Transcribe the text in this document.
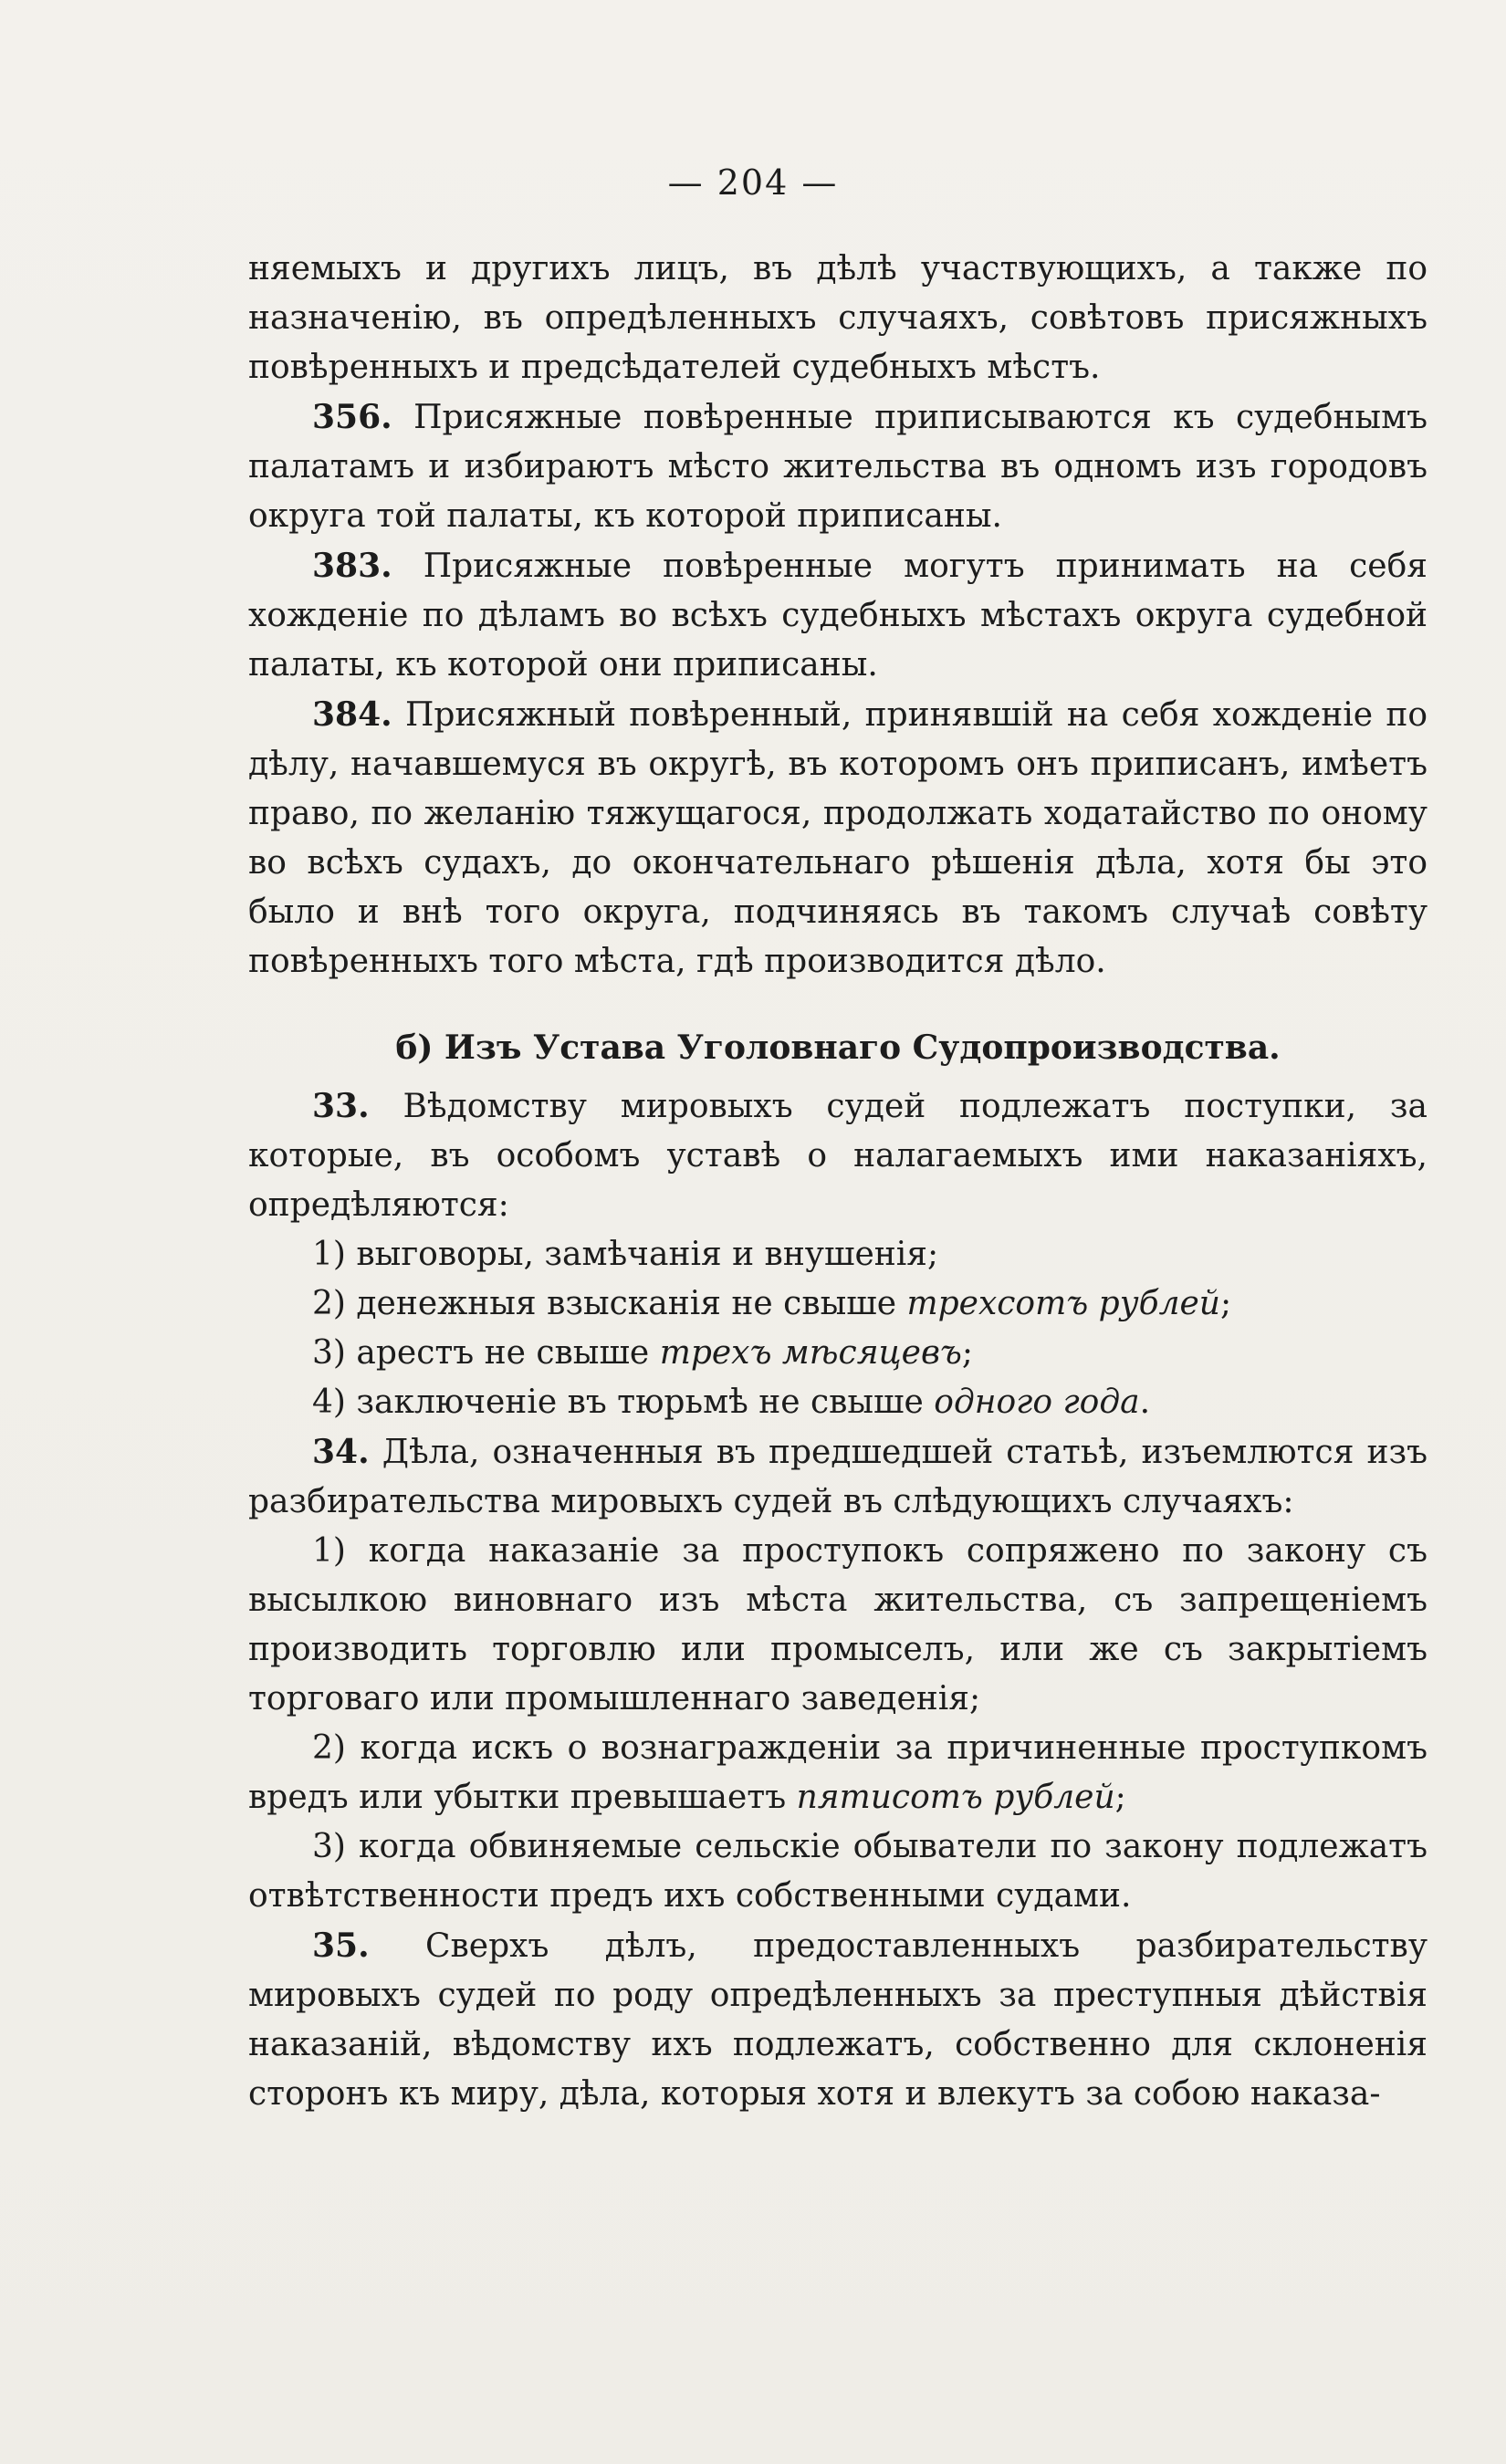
— 204 —

няемыхъ и другихъ лицъ, въ дѣлѣ участвующихъ, а также по назначенію, въ опредѣленныхъ случаяхъ, совѣтовъ присяжныхъ повѣренныхъ и предсѣдателей судебныхъ мѣстъ.

356. Присяжные повѣренные приписываются къ судебнымъ палатамъ и избираютъ мѣсто жительства въ одномъ изъ городовъ округа той палаты, къ которой приписаны.

383. Присяжные повѣренные могутъ принимать на себя хожденіе по дѣламъ во всѣхъ судебныхъ мѣстахъ округа судебной палаты, къ которой они приписаны.

384. Присяжный повѣренный, принявшій на себя хожденіе по дѣлу, начавшемуся въ округѣ, въ которомъ онъ приписанъ, имѣетъ право, по желанію тяжущагося, продолжать ходатайство по оному во всѣхъ судахъ, до окончательнаго рѣшенія дѣла, хотя бы это было и внѣ того округа, подчиняясь въ такомъ случаѣ совѣту повѣренныхъ того мѣста, гдѣ производится дѣло.

б) Изъ Устава Уголовнаго Судопроизводства.

33. Вѣдомству мировыхъ судей подлежатъ поступки, за которые, въ особомъ уставѣ о налагаемыхъ ими наказаніяхъ, опредѣляются:

1) выговоры, замѣчанія и внушенія;

2) денежныя взысканія не свыше трехсотъ рублей;

3) арестъ не свыше трехъ мѣсяцевъ;

4) заключеніе въ тюрьмѣ не свыше одного года.

34. Дѣла, означенныя въ предшедшей статьѣ, изъемлются изъ разбирательства мировыхъ судей въ слѣдующихъ случаяхъ:

1) когда наказаніе за проступокъ сопряжено по закону съ высылкою виновнаго изъ мѣста жительства, съ запрещеніемъ производить торговлю или промыселъ, или же съ закрытіемъ торговаго или промышленнаго заведенія;

2) когда искъ о вознагражденіи за причиненные проступкомъ вредъ или убытки превышаетъ пятисотъ рублей;

3) когда обвиняемые сельскіе обыватели по закону подлежатъ отвѣтственности предъ ихъ собственными судами.

35. Сверхъ дѣлъ, предоставленныхъ разбирательству мировыхъ судей по роду опредѣленныхъ за преступныя дѣйствія наказаній, вѣдомству ихъ подлежатъ, собственно для склоненія сторонъ къ миру, дѣла, которыя хотя и влекутъ за собою наказа-
